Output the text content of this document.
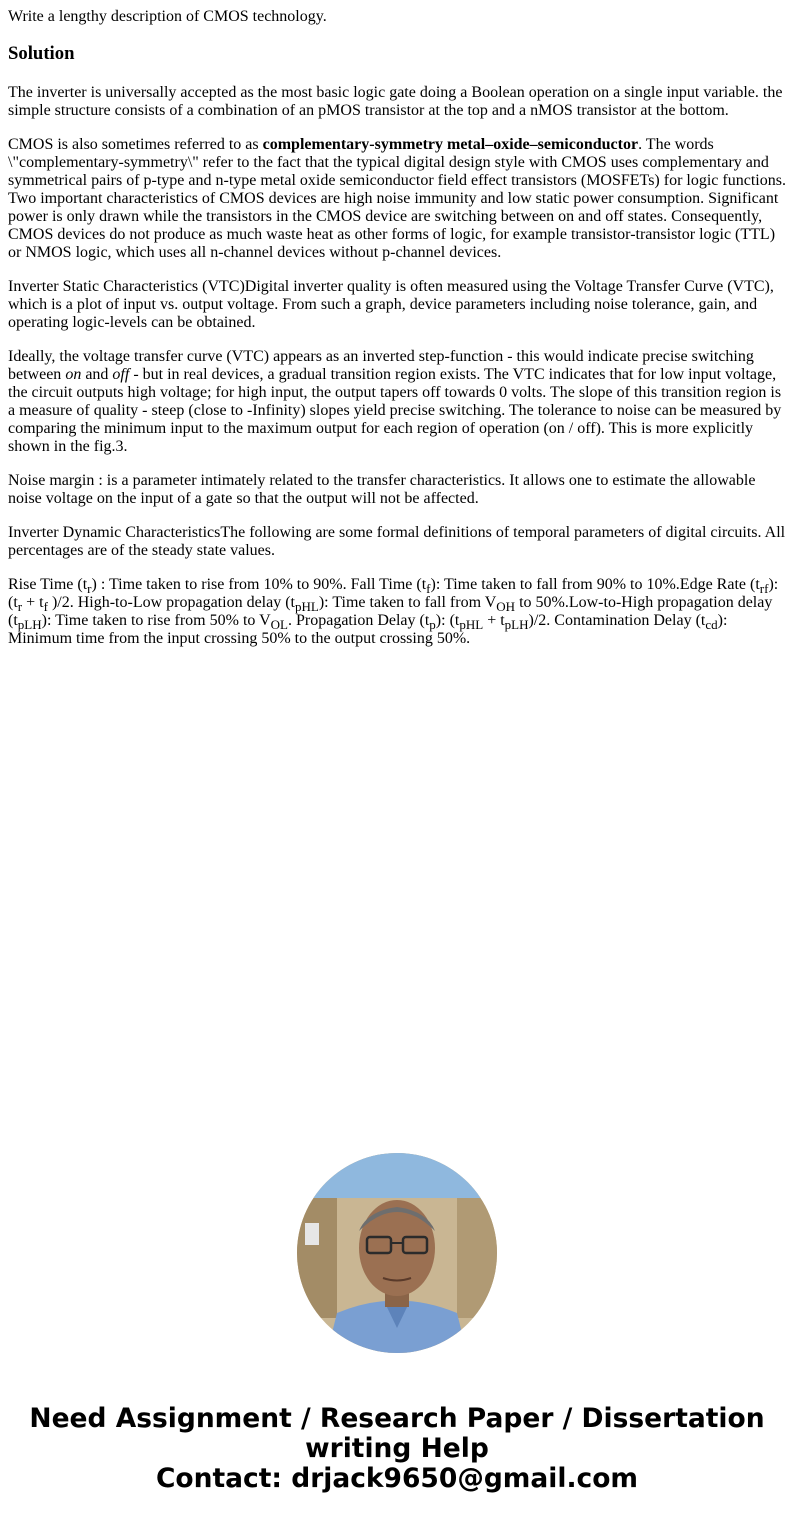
Write a lengthy description of CMOS technology.

Solution

The inverter is universally accepted as the most basic logic gate doing a Boolean operation on a single input variable. the simple structure consists of a combination of an pMOS transistor at the top and a nMOS transistor at the bottom.

CMOS is also sometimes referred to as complementary-symmetry metal–oxide–semiconductor. The words \"complementary-symmetry\" refer to the fact that the typical digital design style with CMOS uses complementary and symmetrical pairs of p-type and n-type metal oxide semiconductor field effect transistors (MOSFETs) for logic functions. Two important characteristics of CMOS devices are high noise immunity and low static power consumption. Significant power is only drawn while the transistors in the CMOS device are switching between on and off states. Consequently, CMOS devices do not produce as much waste heat as other forms of logic, for example transistor-transistor logic (TTL) or NMOS logic, which uses all n-channel devices without p-channel devices.

Inverter Static Characteristics (VTC)Digital inverter quality is often measured using the Voltage Transfer Curve (VTC), which is a plot of input vs. output voltage. From such a graph, device parameters including noise tolerance, gain, and operating logic-levels can be obtained.

Ideally, the voltage transfer curve (VTC) appears as an inverted step-function - this would indicate precise switching between on and off - but in real devices, a gradual transition region exists. The VTC indicates that for low input voltage, the circuit outputs high voltage; for high input, the output tapers off towards 0 volts. The slope of this transition region is a measure of quality - steep (close to -Infinity) slopes yield precise switching. The tolerance to noise can be measured by comparing the minimum input to the maximum output for each region of operation (on / off). This is more explicitly shown in the fig.3.

Noise margin : is a parameter intimately related to the transfer characteristics. It allows one to estimate the allowable noise voltage on the input of a gate so that the output will not be affected.

Inverter Dynamic CharacteristicsThe following are some formal definitions of temporal parameters of digital circuits. All percentages are of the steady state values.

Rise Time $(t_r)$ : Time taken to rise from 10% to 90%. Fall Time $(t_f)$: Time taken to fall from 90% to 10%.Edge Rate $(t_{rf})$: ($t_r + t_f$ )/2. High-to-Low propagation delay $(t_{pHL})$: Time taken to fall from $V_{OH}$ to 50%.Low-to-High propagation delay $(t_{pLH})$: Time taken to rise from 50% to $V_{OL}$. Propagation Delay $(t_p)$: $(t_{pHL} + t_{pLH})/2$. Contamination Delay $(t_{cd})$: Minimum time from the input crossing 50% to the output crossing 50%.

Need Assignment / Research Paper / Dissertation
writing Help
Contact: drjack9650@gmail.com
